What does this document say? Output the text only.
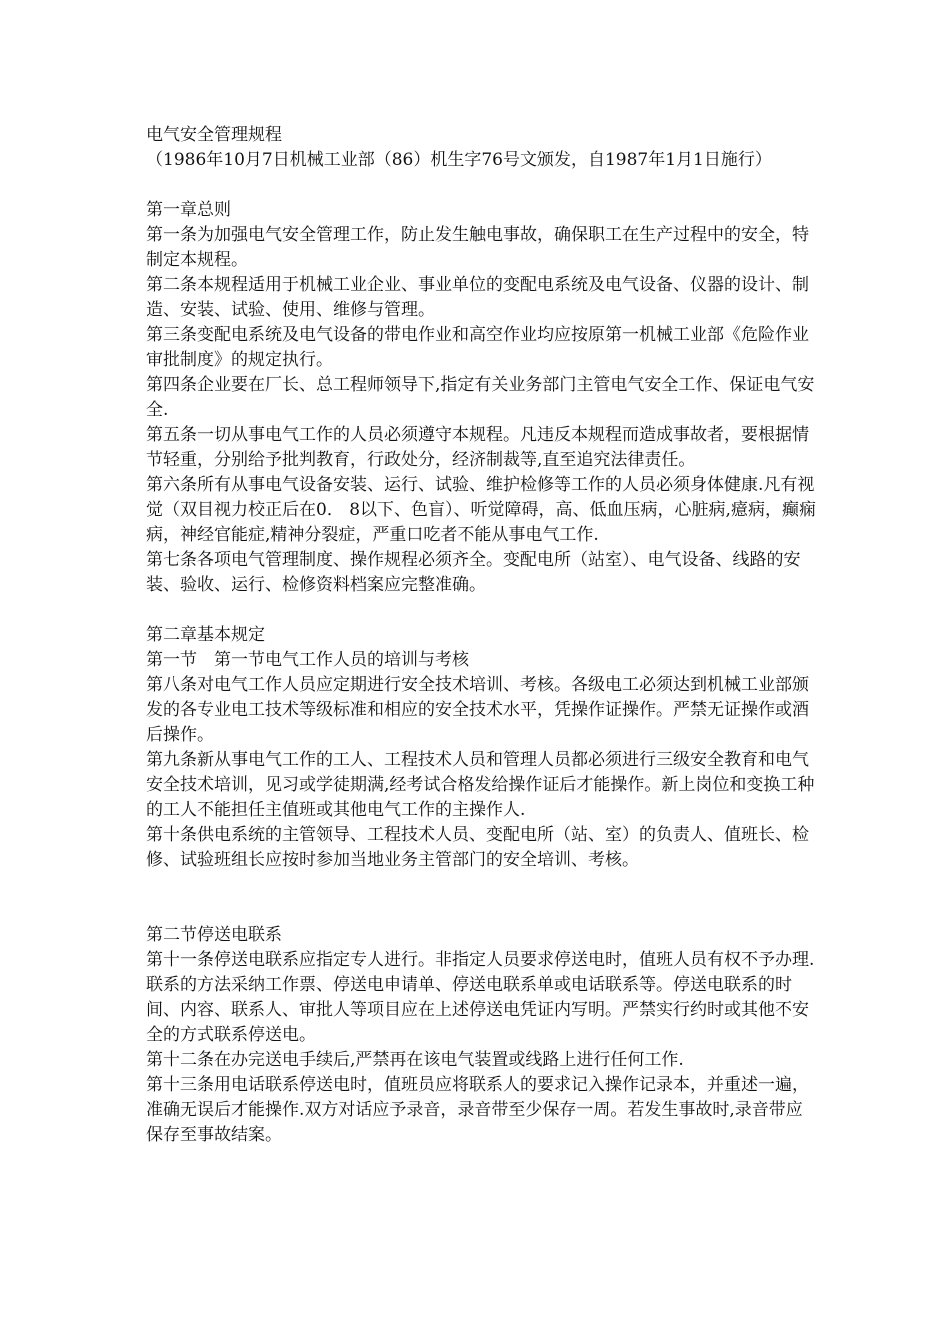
电气安全管理规程

（1986年10月7日机械工业部（86）机生字76号文颁发，自1987年1月1日施行）

第一章总则

第一条为加强电气安全管理工作，防止发生触电事故，确保职工在生产过程中的安全，特制定本规程。

第二条本规程适用于机械工业企业、事业单位的变配电系统及电气设备、仪器的设计、制造、安装、试验、使用、维修与管理。

第三条变配电系统及电气设备的带电作业和高空作业均应按原第一机械工业部《危险作业审批制度》的规定执行。

第四条企业要在厂长、总工程师领导下,指定有关业务部门主管电气安全工作、保证电气安全.

第五条一切从事电气工作的人员必须遵守本规程。凡违反本规程而造成事故者，要根据情节轻重，分别给予批判教育，行政处分，经济制裁等,直至追究法律责任。

第六条所有从事电气设备安装、运行、试验、维护检修等工作的人员必须身体健康.凡有视觉（双目视力校正后在0． 8以下、色盲）、听觉障碍，高、低血压病，心脏病,癔病，癫痫病，神经官能症,精神分裂症，严重口吃者不能从事电气工作.

第七条各项电气管理制度、操作规程必须齐全。变配电所（站室）、电气设备、线路的安装、验收、运行、检修资料档案应完整准确。

第二章基本规定

第一节　第一节电气工作人员的培训与考核

第八条对电气工作人员应定期进行安全技术培训、考核。各级电工必须达到机械工业部颁发的各专业电工技术等级标准和相应的安全技术水平，凭操作证操作。严禁无证操作或酒后操作。

第九条新从事电气工作的工人、工程技术人员和管理人员都必须进行三级安全教育和电气安全技术培训，见习或学徒期满,经考试合格发给操作证后才能操作。新上岗位和变换工种的工人不能担任主值班或其他电气工作的主操作人.

第十条供电系统的主管领导、工程技术人员、变配电所（站、室）的负责人、值班长、检修、试验班组长应按时参加当地业务主管部门的安全培训、考核。

第二节停送电联系

第十一条停送电联系应指定专人进行。非指定人员要求停送电时，值班人员有权不予办理.联系的方法采纳工作票、停送电申请单、停送电联系单或电话联系等。停送电联系的时间、内容、联系人、审批人等项目应在上述停送电凭证内写明。严禁实行约时或其他不安全的方式联系停送电。

第十二条在办完送电手续后,严禁再在该电气装置或线路上进行任何工作.

第十三条用电话联系停送电时，值班员应将联系人的要求记入操作记录本，并重述一遍，准确无误后才能操作.双方对话应予录音，录音带至少保存一周。若发生事故时,录音带应保存至事故结案。
